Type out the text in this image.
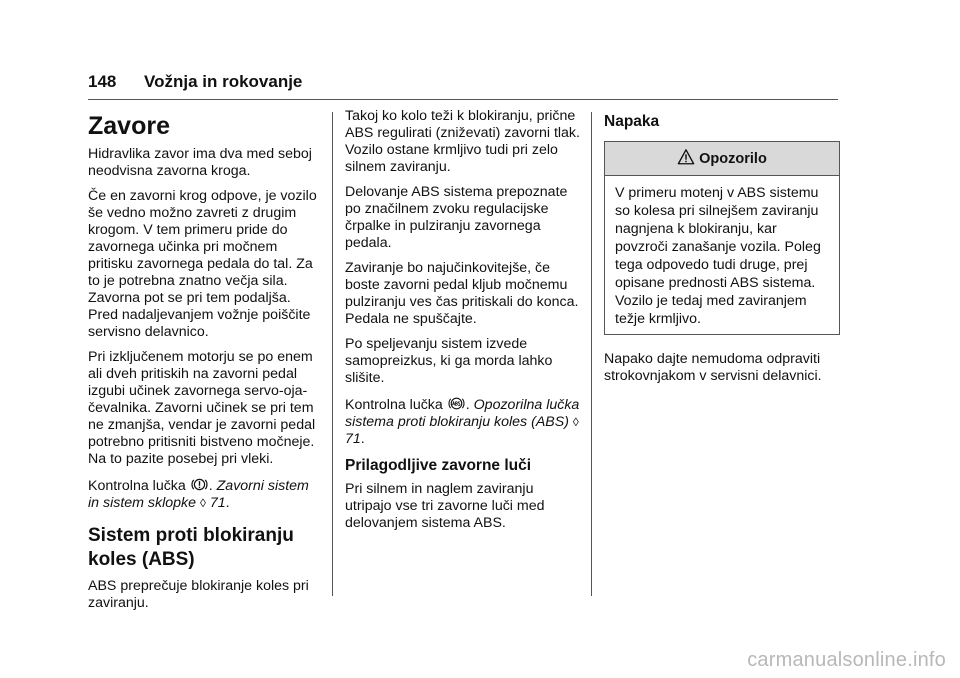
148 Vožnja in rokovanje
Zavore

Hidravlika zavor ima dva med seboj neodvisna zavorna kroga.

Če en zavorni krog odpove, je vozilo še vedno možno zavreti z drugim krogom. V tem primeru pride do zavornega učinka pri močnem pritisku zavornega pedala do tal. Za to je potrebna znatno večja sila. Zavorna pot se pri tem podaljša. Pred nadaljevanjem vožnje poiščite servisno delavnico.

Pri izključenem motorju se po enem ali dveh pritiskih na zavorni pedal izgubi učinek zavornega servo-ojačevalnika. Zavorni učinek se pri tem ne zmanjša, vendar je zavorni pedal potrebno pritisniti bistveno močneje. Na to pazite posebej pri vleki.

Kontrolna lučka . Zavorni sistem in sistem sklopke ◊ 71.

Sistem proti blokiranju koles (ABS)

ABS preprečuje blokiranje koles pri zaviranju.

Takoj ko kolo teži k blokiranju, prične ABS regulirati (zniževati) zavorni tlak. Vozilo ostane krmljivo tudi pri zelo silnem zaviranju.

Delovanje ABS sistema prepoznate po značilnem zvoku regulacijske črpalke in pulziranju zavornega pedala.

Zaviranje bo najučinkovitejše, če boste zavorni pedal kljub močnemu pulziranju ves čas pritiskali do konca. Pedala ne spuščajte.

Po speljevanju sistem izvede samopreizkus, ki ga morda lahko slišite.

Kontrolna lučka . Opozorilna lučka sistema proti blokiranju koles (ABS) ◊ 71.

Prilagodljive zavorne luči

Pri silnem in naglem zaviranju utripajo vse tri zavorne luči med delovanjem sistema ABS.

Napaka
Opozorilo
V primeru motenj v ABS sistemu so kolesa pri silnejšem zaviranju nagnjena k blokiranju, kar povzroči zanašanje vozila. Poleg tega odpovedo tudi druge, prej opisane prednosti ABS sistema. Vozilo je tedaj med zaviranjem težje krmljivo.

Napako dajte nemudoma odpraviti strokovnjakom v servisni delavnici.

carmanualsonline.info
